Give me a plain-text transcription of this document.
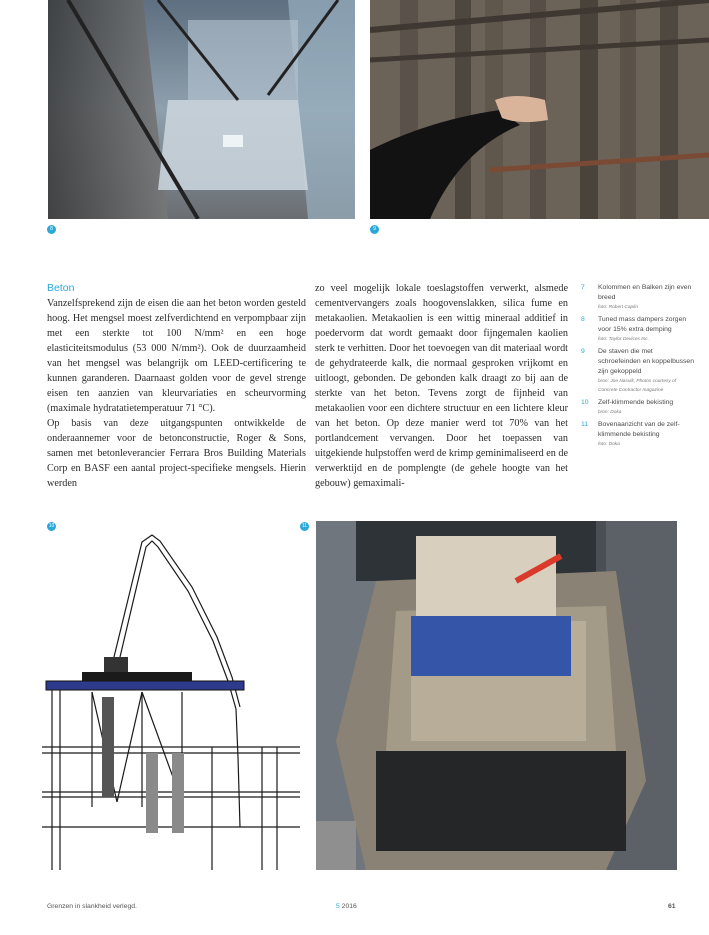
8	9
Beton

Vanzelfsprekend zijn de eisen die aan het beton worden gesteld hoog. Het mengsel moest zelfverdichtend en verpompbaar zijn met een sterkte tot 100 N/mm² en een hoge elasticiteitsmodulus (53 000 N/mm²). Ook de duurzaamheid van het mengsel was belangrijk om LEED-certificering te kunnen garanderen. Daarnaast golden voor de gevel strenge eisen ten aanzien van kleurvariaties en scheurvorming (maximale hydratatietemperatuur 71 °C).

Op basis van deze uitgangspunten ontwikkelde de onderaannemer voor de betonconstructie, Roger & Sons, samen met betonleverancier Ferrara Bros Building Materials Corp en BASF een aantal project-specifieke mengsels. Hierin werden

zo veel mogelijk lokale toeslagstoffen verwerkt, alsmede cementvervangers zoals hoogovenslakken, silica fume en metakaolien. Metakaolien is een wittig mineraal additief in poedervorm dat wordt gemaakt door fijngemalen kaolien sterk te verhitten. Door het toevoegen van dit materiaal wordt de gehydrateerde kalk, die normaal gesproken vrijkomt en uitloogt, gebonden. De gebonden kalk draagt zo bij aan de sterkte van het beton. Tevens zorgt de fijnheid van metakaolien voor een dichtere structuur en een lichtere kleur van het beton. Op deze manier werd tot 70% van het portlandcement vervangen. Door het toepassen van uitgekiende hulpstoffen werd de krimp geminimaliseerd en de verwerktijd en de pomplengte (de gehele hoogte van het gebouw) gemaximali-

7 Kolommen en Balken zijn even breed
foto: Robert Caplin
8 Tuned mass dampers zorgen voor 15% extra demping
foto: Taylor Devices Inc.
9 De staven die met schroefeinden en koppelbussen zijn gekoppeld
bron: Joe Nasvik, Photos courtesy of Concrete Contractor magazine
10 Zelf-klimmende bekisting
bron: Doka
11 Bovenaanzicht van de zelf-klimmende bekisting
foto: Doka
10	11
Grenzen in slankheid verlegd.	5 2016	61
